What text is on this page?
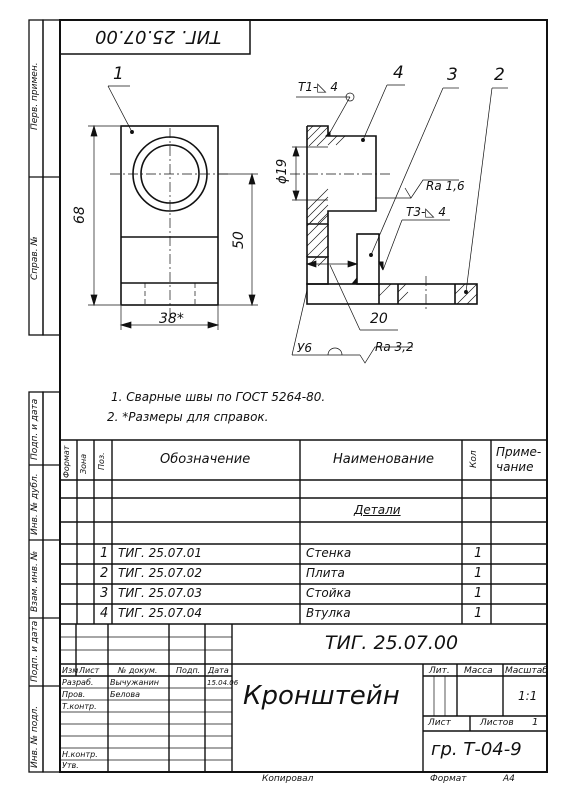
ТИГ. 25.07.00
Перв. примен.
Справ. №
Подп. и дата
Инв. № дубл.
Взам. инв. №
Подп. и дата
Инв. № подл.
1	4	3 2
Т1-◺ 4
Ra 1,6
Т3-◺ 4
У6	Ra 3,2
68
50
ϕ19
38*	20
1. Сварные швы по ГОСТ 5264-80.
2. *Размеры для справок.
Формат Зона Поз.	Обозначение	Наименование	Кол Приме-
чание
Детали
1 ТИГ. 25.07.01	Стенка	1
2 ТИГ. 25.07.02	Плита	1
3 ТИГ. 25.07.03	Стойка	1
4 ТИГ. 25.07.04	Втулка	1
ТИГ. 25.07.00
Кронштейн
Изм Лист № докум. Подп. Дата
Разраб. Вычужанин	15.04.06
Пров.	Белова
Т.контр.
Н.контр.
Утв.
Лит. Масса Масштаб
1:1
Лист	Листов 1
гр. Т-04-9
Копировал	Формат	А4
